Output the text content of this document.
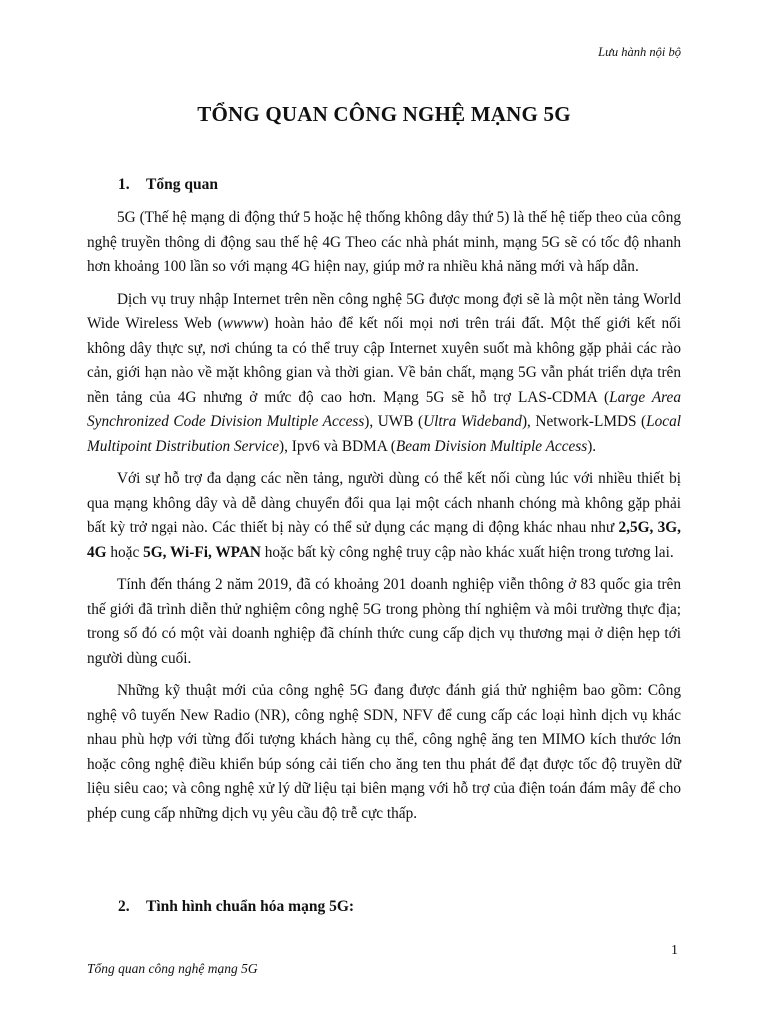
Lưu hành nội bộ
TỔNG QUAN CÔNG NGHỆ MẠNG 5G
1. Tổng quan

5G (Thế hệ mạng di động thứ 5 hoặc hệ thống không dây thứ 5) là thế hệ tiếp theo của công nghệ truyền thông di động sau thế hệ 4G Theo các nhà phát minh, mạng 5G sẽ có tốc độ nhanh hơn khoảng 100 lần so với mạng 4G hiện nay, giúp mở ra nhiều khả năng mới và hấp dẫn.

Dịch vụ truy nhập Internet trên nền công nghệ 5G được mong đợi sẽ là một nền tảng World Wide Wireless Web (wwww) hoàn hảo để kết nối mọi nơi trên trái đất. Một thế giới kết nối không dây thực sự, nơi chúng ta có thể truy cập Internet xuyên suốt mà không gặp phải các rào cản, giới hạn nào về mặt không gian và thời gian. Về bản chất, mạng 5G vẫn phát triển dựa trên nền tảng của 4G nhưng ở mức độ cao hơn. Mạng 5G sẽ hỗ trợ LAS-CDMA (Large Area Synchronized Code Division Multiple Access), UWB (Ultra Wideband), Network-LMDS (Local Multipoint Distribution Service), Ipv6 và BDMA (Beam Division Multiple Access).

Với sự hỗ trợ đa dạng các nền tảng, người dùng có thể kết nối cùng lúc với nhiều thiết bị qua mạng không dây và dễ dàng chuyển đổi qua lại một cách nhanh chóng mà không gặp phải bất kỳ trở ngại nào. Các thiết bị này có thể sử dụng các mạng di động khác nhau như 2,5G, 3G, 4G hoặc 5G, Wi-Fi, WPAN hoặc bất kỳ công nghệ truy cập nào khác xuất hiện trong tương lai.

Tính đến tháng 2 năm 2019, đã có khoảng 201 doanh nghiệp viễn thông ở 83 quốc gia trên thế giới đã trình diễn thử nghiệm công nghệ 5G trong phòng thí nghiệm và môi trường thực địa; trong số đó có một vài doanh nghiệp đã chính thức cung cấp dịch vụ thương mại ở diện hẹp tới người dùng cuối.

Những kỹ thuật mới của công nghệ 5G đang được đánh giá thử nghiệm bao gồm: Công nghệ vô tuyến New Radio (NR), công nghệ SDN, NFV để cung cấp các loại hình dịch vụ khác nhau phù hợp với từng đối tượng khách hàng cụ thể, công nghệ ăng ten MIMO kích thước lớn hoặc công nghệ điều khiển búp sóng cải tiến cho ăng ten thu phát để đạt được tốc độ truyền dữ liệu siêu cao; và công nghệ xử lý dữ liệu tại biên mạng với hỗ trợ của điện toán đám mây để cho phép cung cấp những dịch vụ yêu cầu độ trễ cực thấp.

2. Tình hình chuẩn hóa mạng 5G:
1
Tổng quan công nghệ mạng 5G
